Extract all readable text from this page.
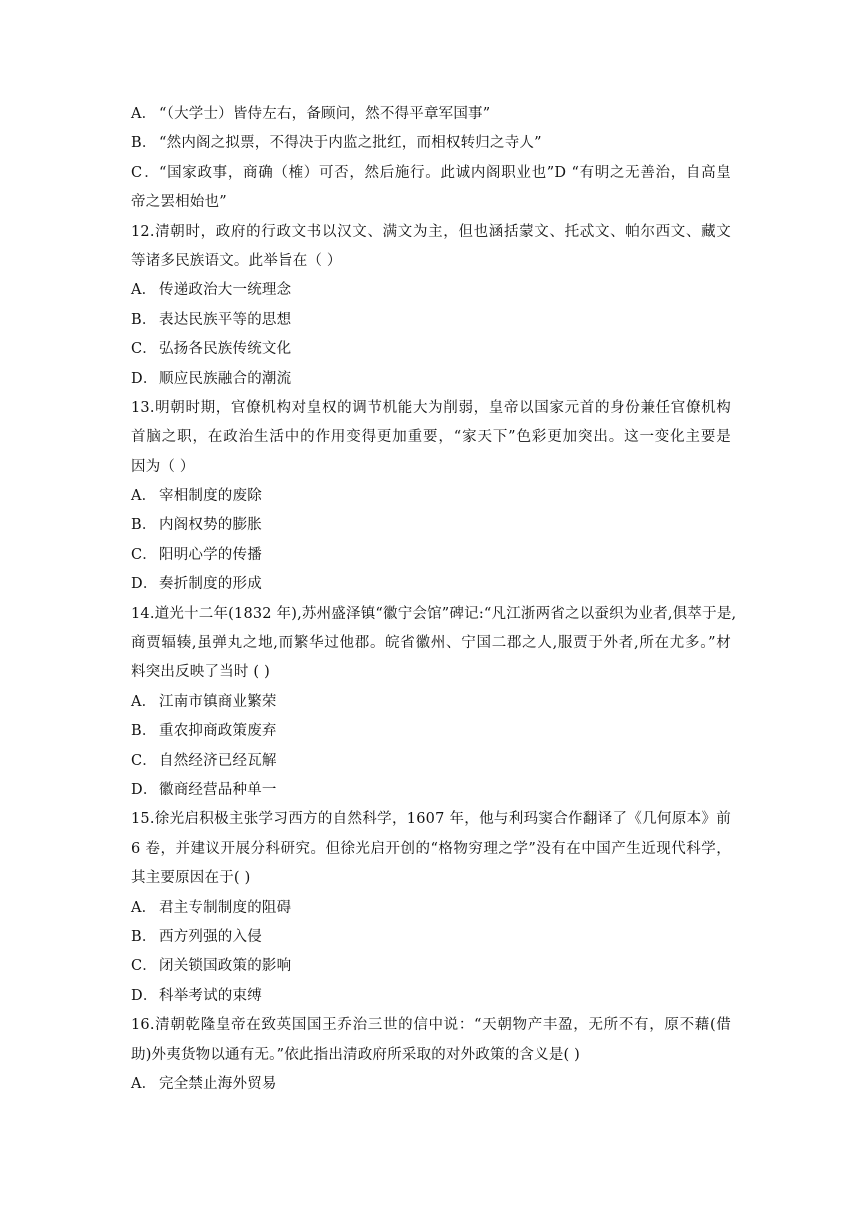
A． “（大学士）皆侍左右，备顾问，然不得平章军国事”
B． “然内阁之拟票，不得决于内监之批红，而相权转归之寺人”
C．“国家政事，商确（榷）可否，然后施行。此诚内阁职业也”D “有明之无善治，自高皇
帝之罢相始也”
12.清朝时，政府的行政文书以汉文、满文为主，但也涵括蒙文、托忒文、帕尔西文、藏文
等诸多民族语文。此举旨在（ ）
A． 传递政治大一统理念
B． 表达民族平等的思想
C． 弘扬各民族传统文化
D．顺应民族融合的潮流
13.明朝时期，官僚机构对皇权的调节机能大为削弱，皇帝以国家元首的身份兼任官僚机构
首脑之职，在政治生活中的作用变得更加重要，“家天下”色彩更加突出。这一变化主要是
因为（ ）
A． 宰相制度的废除
B． 内阁权势的膨胀
C． 阳明心学的传播
D．奏折制度的形成
14.道光十二年(1832 年),苏州盛泽镇“徽宁会馆”碑记:“凡江浙两省之以蚕织为业者,俱萃于是,
商贾辐辏,虽弹丸之地,而繁华过他郡。皖省徽州、宁国二郡之人,服贾于外者,所在尤多。”材
料突出反映了当时 ( )
A． 江南市镇商业繁荣
B． 重农抑商政策废弃
C． 自然经济已经瓦解
D．徽商经营品种单一
15.徐光启积极主张学习西方的自然科学，1607 年，他与利玛窦合作翻译了《几何原本》前
6 卷，并建议开展分科研究。但徐光启开创的“格物穷理之学”没有在中国产生近现代科学，
其主要原因在于( )
A． 君主专制制度的阻碍
B． 西方列强的入侵
C． 闭关锁国政策的影响
D．科举考试的束缚
16.清朝乾隆皇帝在致英国国王乔治三世的信中说：“天朝物产丰盈，无所不有，原不藉(借
助)外夷货物以通有无。”依此指出清政府所采取的对外政策的含义是( )
A． 完全禁止海外贸易
